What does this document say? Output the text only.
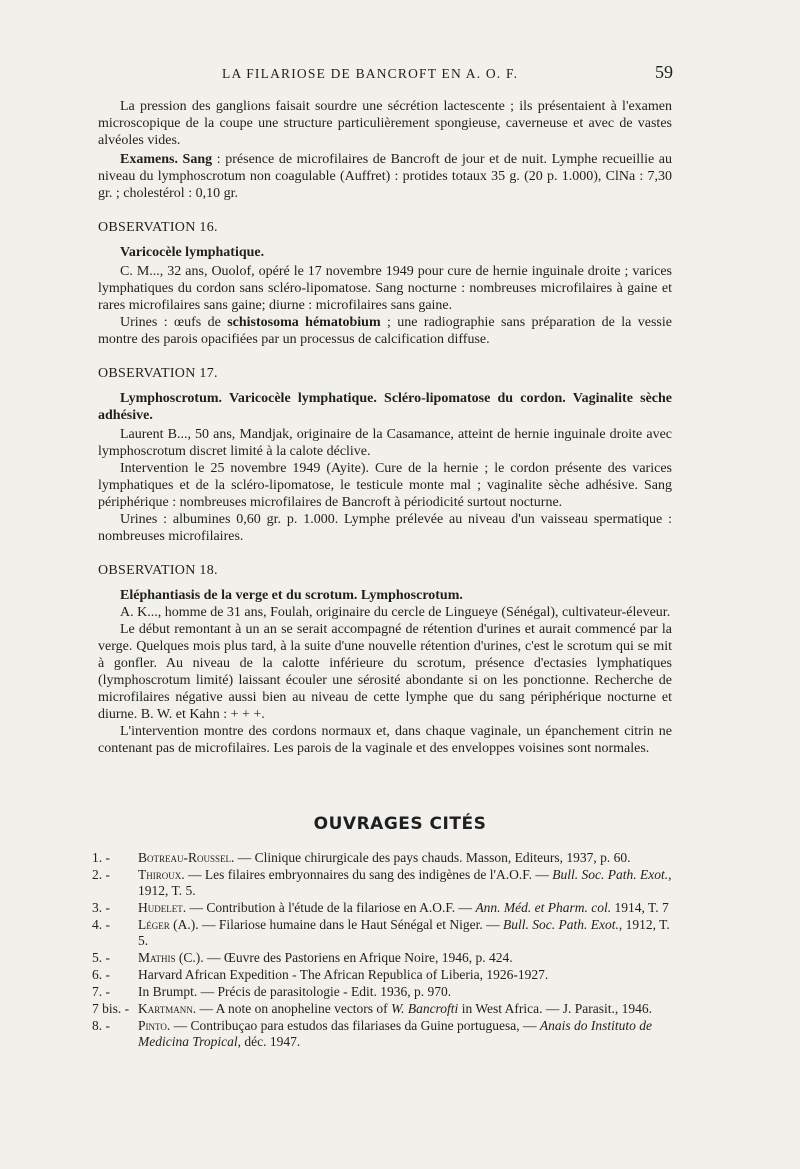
LA FILARIOSE DE BANCROFT EN A. O. F.	59

La pression des ganglions faisait sourdre une sécrétion lactescente ; ils présentaient à l'examen microscopique de la coupe une structure particulièrement spongieuse, caverneuse et avec de vastes alvéoles vides.

Examens. Sang : présence de microfilaires de Bancroft de jour et de nuit. Lymphe recueillie au niveau du lymphoscrotum non coagulable (Auffret) : protides totaux 35 g. (20 p. 1.000), ClNa : 7,30 gr. ; cholestérol : 0,10 gr.

OBSERVATION 16.

Varicocèle lymphatique.

C. M..., 32 ans, Ouolof, opéré le 17 novembre 1949 pour cure de hernie inguinale droite ; varices lymphatiques du cordon sans scléro-lipomatose. Sang nocturne : nombreuses microfilaires à gaine et rares microfilaires sans gaine; diurne : microfilaires sans gaine.

Urines : œufs de schistosoma hématobium ; une radiographie sans préparation de la vessie montre des parois opacifiées par un processus de calcification diffuse.

OBSERVATION 17.

Lymphoscrotum. Varicocèle lymphatique. Scléro-lipomatose du cordon. Vaginalite sèche adhésive.

Laurent B..., 50 ans, Mandjak, originaire de la Casamance, atteint de hernie inguinale droite avec lymphoscrotum discret limité à la calote déclive.

Intervention le 25 novembre 1949 (Ayite). Cure de la hernie ; le cordon présente des varices lymphatiques et de la scléro-lipomatose, le testicule monte mal ; vaginalite sèche adhésive. Sang périphérique : nombreuses microfilaires de Bancroft à périodicité surtout nocturne.

Urines : albumines 0,60 gr. p. 1.000. Lymphe prélevée au niveau d'un vaisseau spermatique : nombreuses microfilaires.

OBSERVATION 18.

Eléphantiasis de la verge et du scrotum. Lymphoscrotum.

A. K..., homme de 31 ans, Foulah, originaire du cercle de Lingueye (Sénégal), cultivateur-éleveur.

Le début remontant à un an se serait accompagné de rétention d'urines et aurait commencé par la verge. Quelques mois plus tard, à la suite d'une nouvelle rétention d'urines, c'est le scrotum qui se mit à gonfler. Au niveau de la calotte inférieure du scrotum, présence d'ectasies lymphatiques (lymphoscrotum limité) laissant écouler une sérosité abondante si on les ponctionne. Recherche de microfilaires négative aussi bien au niveau de cette lymphe que du sang périphérique nocturne et diurne. B. W. et Kahn : + + +.

L'intervention montre des cordons normaux et, dans chaque vaginale, un épanchement citrin ne contenant pas de microfilaires. Les parois de la vaginale et des enveloppes voisines sont normales.

OUVRAGES CITÉS
1. -	Botreau-Roussel. — Clinique chirurgicale des pays chauds. Masson, Editeurs, 1937, p. 60.
2. -	Thiroux. — Les filaires embryonnaires du sang des indigènes de l'A.O.F. — Bull. Soc. Path. Exot., 1912, T. 5.
3. -	Hudelet. — Contribution à l'étude de la filariose en A.O.F. — Ann. Méd. et Pharm. col. 1914, T. 7
4. -	Léger (A.). — Filariose humaine dans le Haut Sénégal et Niger. — Bull. Soc. Path. Exot., 1912, T. 5.
5. -	Mathis (C.). — Œuvre des Pastoriens en Afrique Noire, 1946, p. 424.
6. -	Harvard African Expedition - The African Republica of Liberia, 1926-1927.
7. -	In Brumpt. — Précis de parasitologie - Edit. 1936, p. 970.
7 bis. - Kartmann. — A note on anopheline vectors of W. Bancrofti in West Africa. — J. Parasit., 1946.
8. -	Pinto. — Contribuçao para estudos das filariases da Guine portuguesa, — Anais do Instituto de Medicina Tropical, déc. 1947.
